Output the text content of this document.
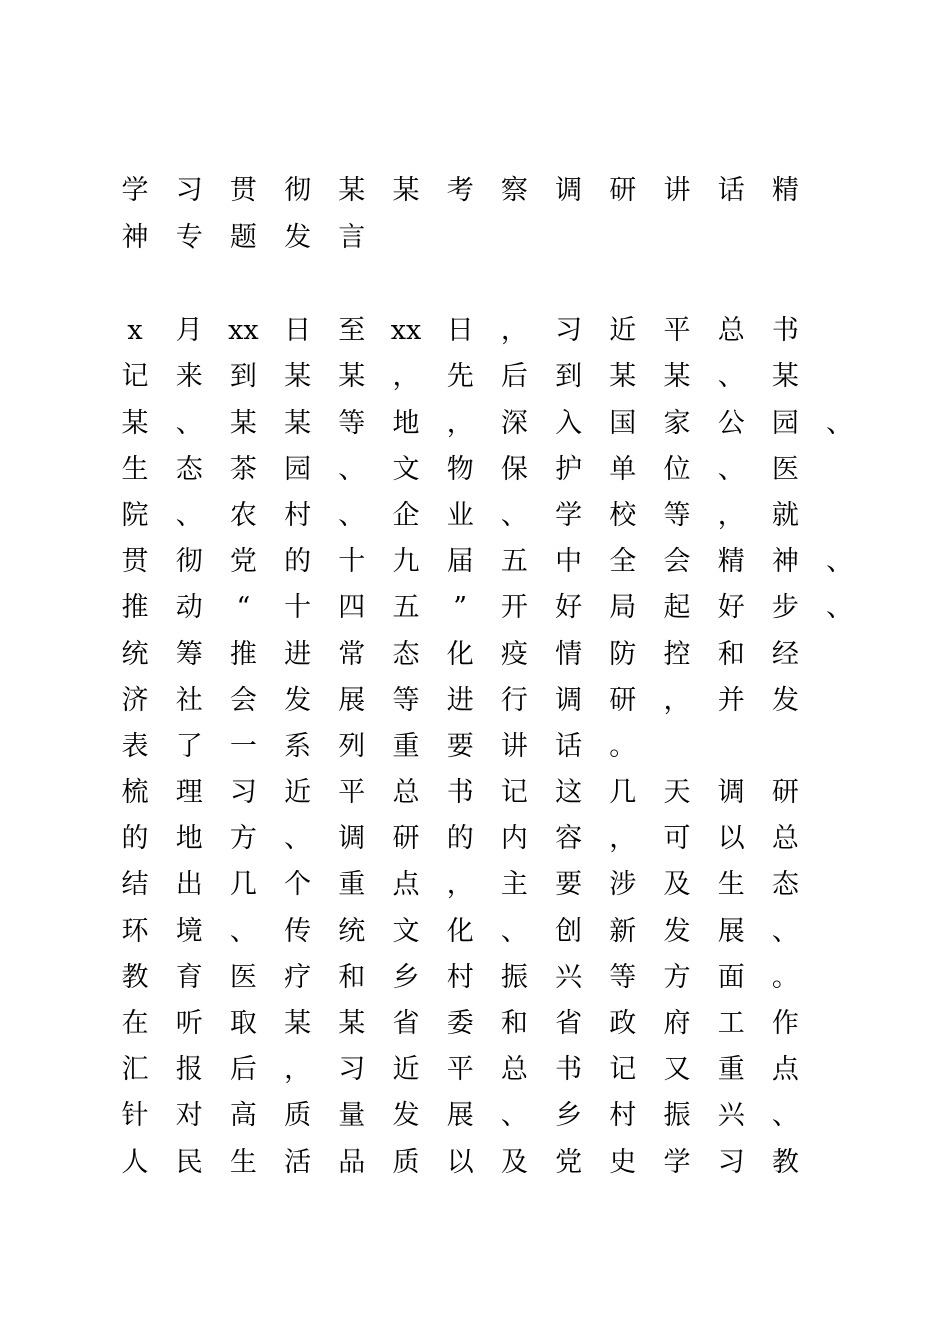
学	习	贯	彻	某	某	考	察	调	研	讲	话	精
神	专	题	发	言
x	月 xx 日	至 xx 日	，	习	近	平	总	书
记	来	到	某	某	，	先	后	到	某	某	、	某
某	、	某	某	等	地	，	深	入	国	家	公	园	、
生	态	茶	园	、	文	物	保	护	单	位	、	医
院	、	农	村	、	企	业	、	学	校	等	，	就
贯	彻	党	的	十	九	届	五	中	全	会	精	神	、
推	动	“	十	四	五	”	开	好	局	起	好	步	、
统	筹	推	进	常	态	化	疫	情	防	控	和	经
济	社	会	发	展	等	进	行	调	研	，	并	发
表	了	一	系	列	重	要	讲	话	。
梳	理	习	近	平	总	书	记	这	几	天	调	研
的	地	方	、	调	研	的	内	容	，	可	以	总
结	出	几	个	重	点	，	主	要	涉	及	生	态
环	境	、	传	统	文	化	、	创	新	发	展	、
教	育	医	疗	和	乡	村	振	兴	等	方	面	。
在	听	取	某	某	省	委	和	省	政	府	工	作
汇	报	后	，	习	近	平	总	书	记	又	重	点
针	对	高	质	量	发	展	、	乡	村	振	兴	、
人	民	生	活	品	质	以	及	党	史	学	习	教
